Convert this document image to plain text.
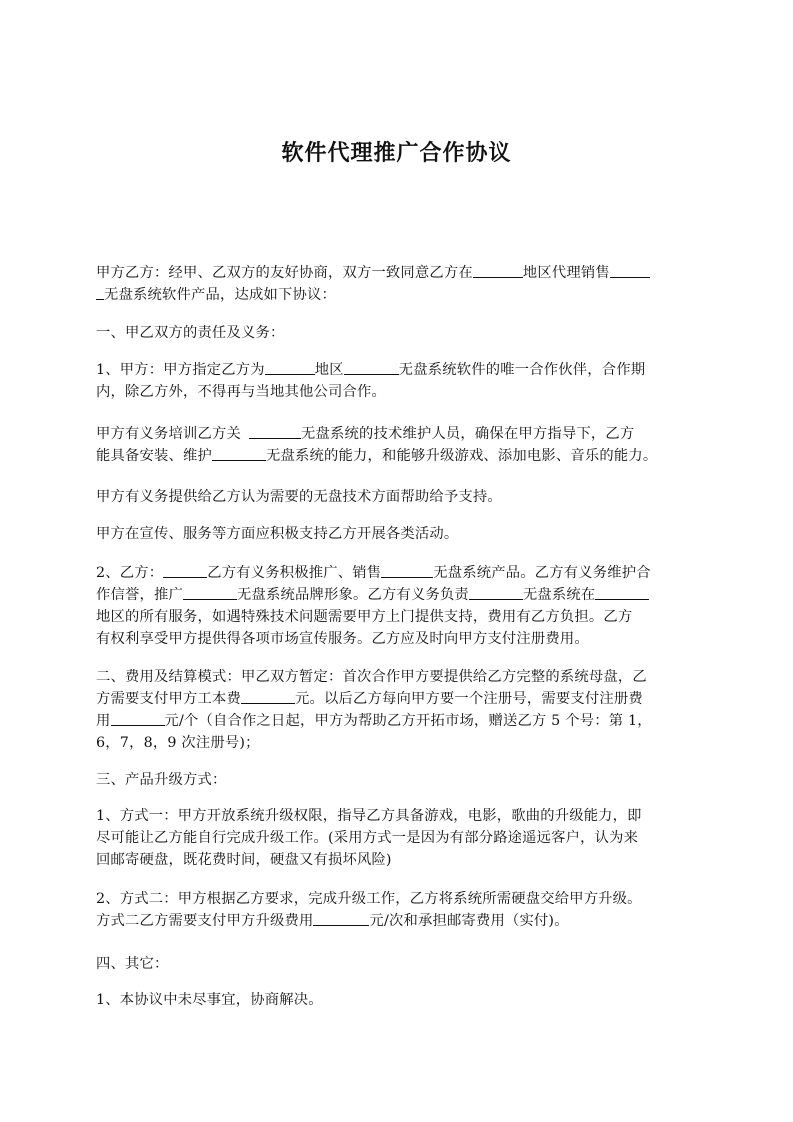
软件代理推广合作协议
甲方乙方：经甲、乙双方的友好协商，双方一致同意乙方在	地区代理销售
无盘系统软件产品，达成如下协议：
一、甲乙双方的责任及义务：
1、甲方：甲方指定乙方为	地区	无盘系统软件的唯一合作伙伴，合作期
内，除乙方外，不得再与当地其他公司合作。
甲方有义务培训乙方关	无盘系统的技术维护人员，确保在甲方指导下，乙方
能具备安装、维护	无盘系统的能力，和能够升级游戏、添加电影、音乐的能力。
甲方有义务提供给乙方认为需要的无盘技术方面帮助给予支持。
甲方在宣传、服务等方面应积极支持乙方开展各类活动。
2、乙方：	乙方有义务积极推广、销售	无盘系统产品。乙方有义务维护合
作信誉，推广	无盘系统品牌形象。乙方有义务负责	无盘系统在
地区的所有服务，如遇特殊技术问题需要甲方上门提供支持，费用有乙方负担。乙方
有权利享受甲方提供得各项市场宣传服务。乙方应及时向甲方支付注册费用。
二、费用及结算模式：甲乙双方暂定：首次合作甲方要提供给乙方完整的系统母盘，乙
方需要支付甲方工本费	元。以后乙方每向甲方要一个注册号，需要支付注册费
用	元/个（自合作之日起，甲方为帮助乙方开拓市场，赠送乙方 5 个号：第 1，
6，7，8，9 次注册号)；
三、产品升级方式：
1、方式一：甲方开放系统升级权限，指导乙方具备游戏，电影，歌曲的升级能力，即
尽可能让乙方能自行完成升级工作。(采用方式一是因为有部分路途遥远客户，认为来
回邮寄硬盘，既花费时间，硬盘又有损坏风险)
2、方式二：甲方根据乙方要求，完成升级工作，乙方将系统所需硬盘交给甲方升级。
方式二乙方需要支付甲方升级费用	元/次和承担邮寄费用（实付)。
四、其它：
1、本协议中未尽事宜，协商解决。
